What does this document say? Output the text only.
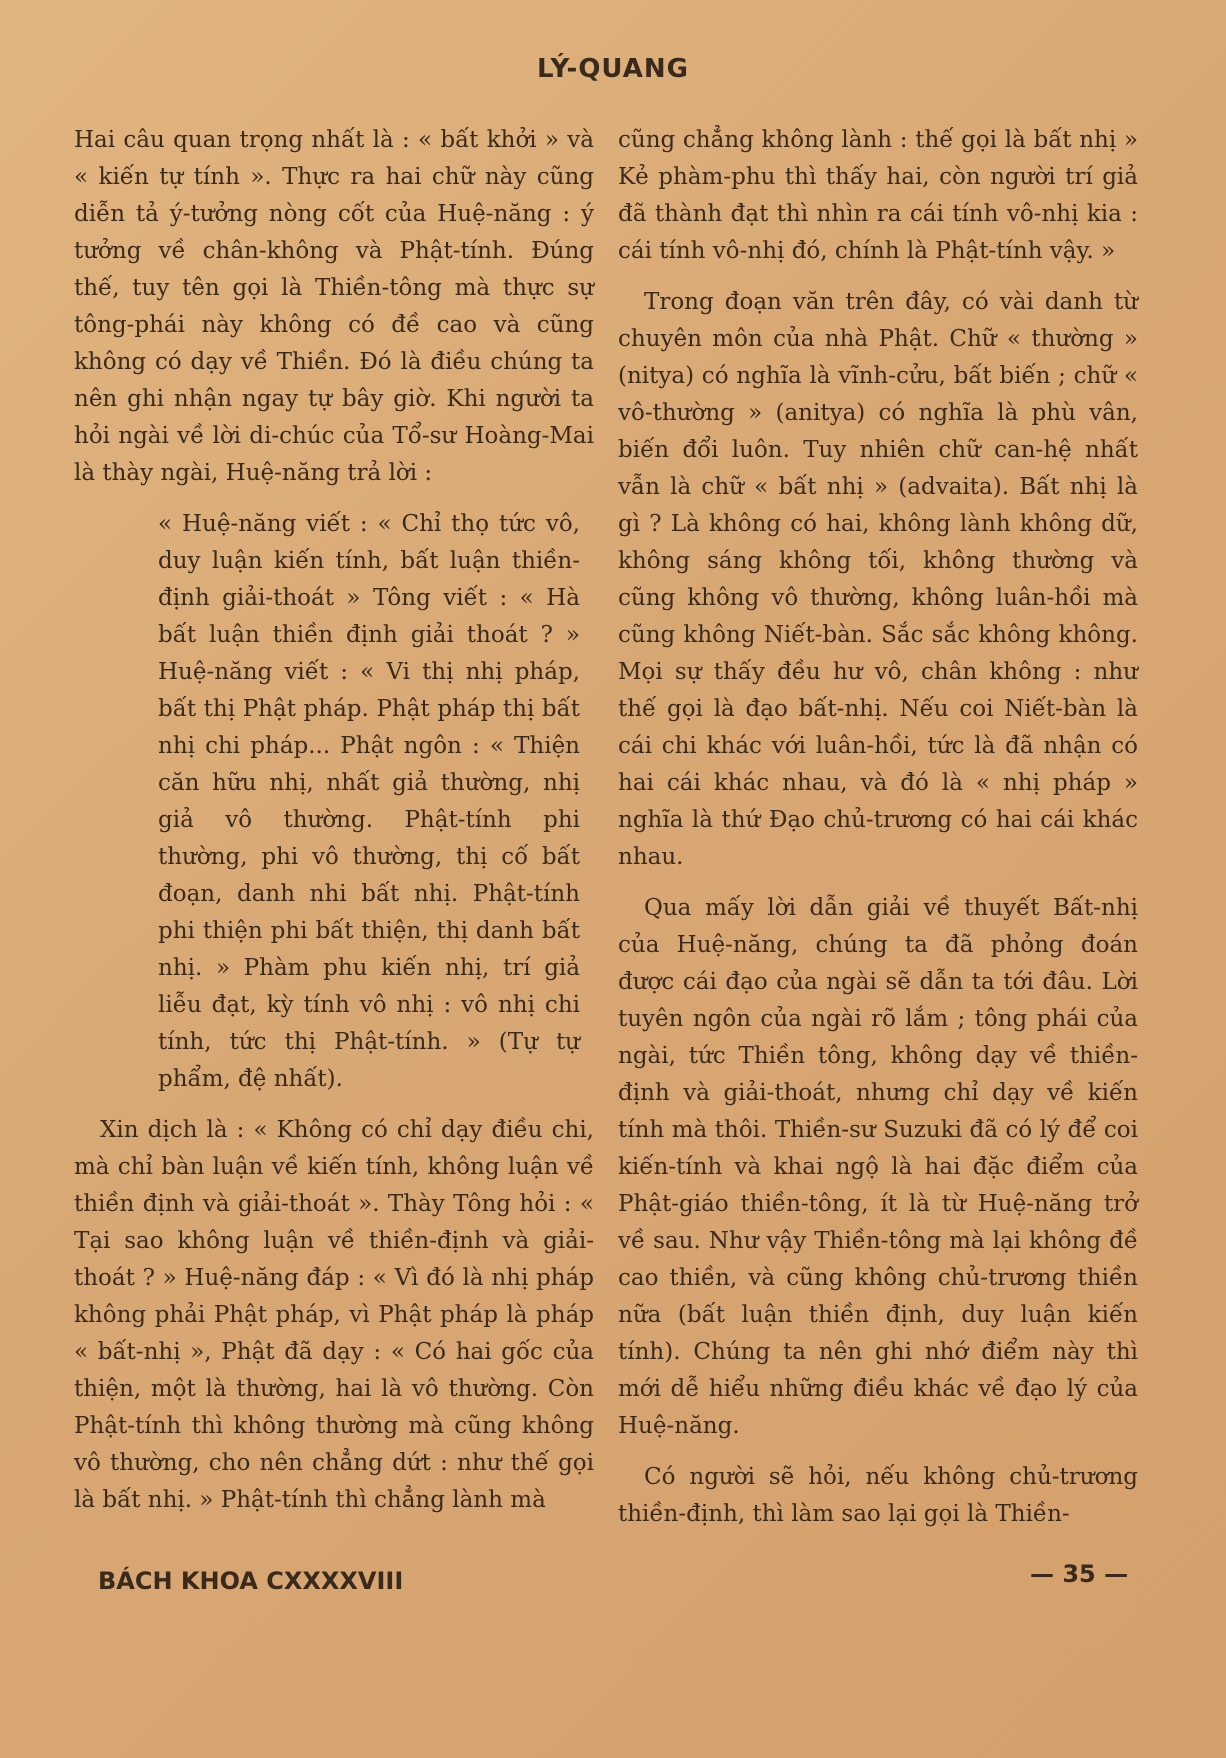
LÝ-QUANG

Hai câu quan trọng nhất là : « bất khởi » và « kiến tự tính ». Thực ra hai chữ này cũng diễn tả ý-tưởng nòng cốt của Huệ-năng : ý tưởng về chân-không và Phật-tính. Đúng thế, tuy tên gọi là Thiền-tông mà thực sự tông-phái này không có đề cao và cũng không có dạy về Thiền. Đó là điều chúng ta nên ghi nhận ngay tự bây giờ. Khi người ta hỏi ngài về lời di-chúc của Tổ-sư Hoàng-Mai là thày ngài, Huệ-năng trả lời :

« Huệ-năng viết : « Chỉ thọ tức vô, duy luận kiến tính, bất luận thiền-định giải-thoát » Tông viết : « Hà bất luận thiền định giải thoát ? » Huệ-năng viết : « Vi thị nhị pháp, bất thị Phật pháp. Phật pháp thị bất nhị chi pháp... Phật ngôn : « Thiện căn hữu nhị, nhất giả thường, nhị giả vô thường. Phật-tính phi thường, phi vô thường, thị cố bất đoạn, danh nhi bất nhị. Phật-tính phi thiện phi bất thiện, thị danh bất nhị. » Phàm phu kiến nhị, trí giả liễu đạt, kỳ tính vô nhị : vô nhị chi tính, tức thị Phật-tính. » (Tự tự phẩm, đệ nhất).

Xin dịch là : « Không có chỉ dạy điều chi, mà chỉ bàn luận về kiến tính, không luận về thiền định và giải-thoát ». Thày Tông hỏi : « Tại sao không luận về thiền-định và giải-thoát ? » Huệ-năng đáp : « Vì đó là nhị pháp không phải Phật pháp, vì Phật pháp là pháp « bất-nhị », Phật đã dạy : « Có hai gốc của thiện, một là thường, hai là vô thường. Còn Phật-tính thì không thường mà cũng không vô thường, cho nên chẳng dứt : như thế gọi là bất nhị. » Phật-tính thì chẳng lành mà

cũng chẳng không lành : thế gọi là bất nhị » Kẻ phàm-phu thì thấy hai, còn người trí giả đã thành đạt thì nhìn ra cái tính vô-nhị kia : cái tính vô-nhị đó, chính là Phật-tính vậy. »

Trong đoạn văn trên đây, có vài danh từ chuyên môn của nhà Phật. Chữ « thường » (nitya) có nghĩa là vĩnh-cửu, bất biến ; chữ « vô-thường » (anitya) có nghĩa là phù vân, biến đổi luôn. Tuy nhiên chữ can-hệ nhất vẫn là chữ « bất nhị » (advaita). Bất nhị là gì ? Là không có hai, không lành không dữ, không sáng không tối, không thường và cũng không vô thường, không luân-hồi mà cũng không Niết-bàn. Sắc sắc không không. Mọi sự thấy đều hư vô, chân không : như thế gọi là đạo bất-nhị. Nếu coi Niết-bàn là cái chi khác với luân-hồi, tức là đã nhận có hai cái khác nhau, và đó là « nhị pháp » nghĩa là thứ Đạo chủ-trương có hai cái khác nhau.

Qua mấy lời dẫn giải về thuyết Bất-nhị của Huệ-năng, chúng ta đã phỏng đoán được cái đạo của ngài sẽ dẫn ta tới đâu. Lời tuyên ngôn của ngài rõ lắm ; tông phái của ngài, tức Thiền tông, không dạy về thiền-định và giải-thoát, nhưng chỉ dạy về kiến tính mà thôi. Thiền-sư Suzuki đã có lý để coi kiến-tính và khai ngộ là hai đặc điểm của Phật-giáo thiền-tông, ít là từ Huệ-năng trở về sau. Như vậy Thiền-tông mà lại không đề cao thiền, và cũng không chủ-trương thiền nữa (bất luận thiền định, duy luận kiến tính). Chúng ta nên ghi nhớ điểm này thì mới dễ hiểu những điều khác về đạo lý của Huệ-năng.

Có người sẽ hỏi, nếu không chủ-trương thiền-định, thì làm sao lại gọi là Thiền-

BÁCH KHOA CXXXXVIII	— 35 —
